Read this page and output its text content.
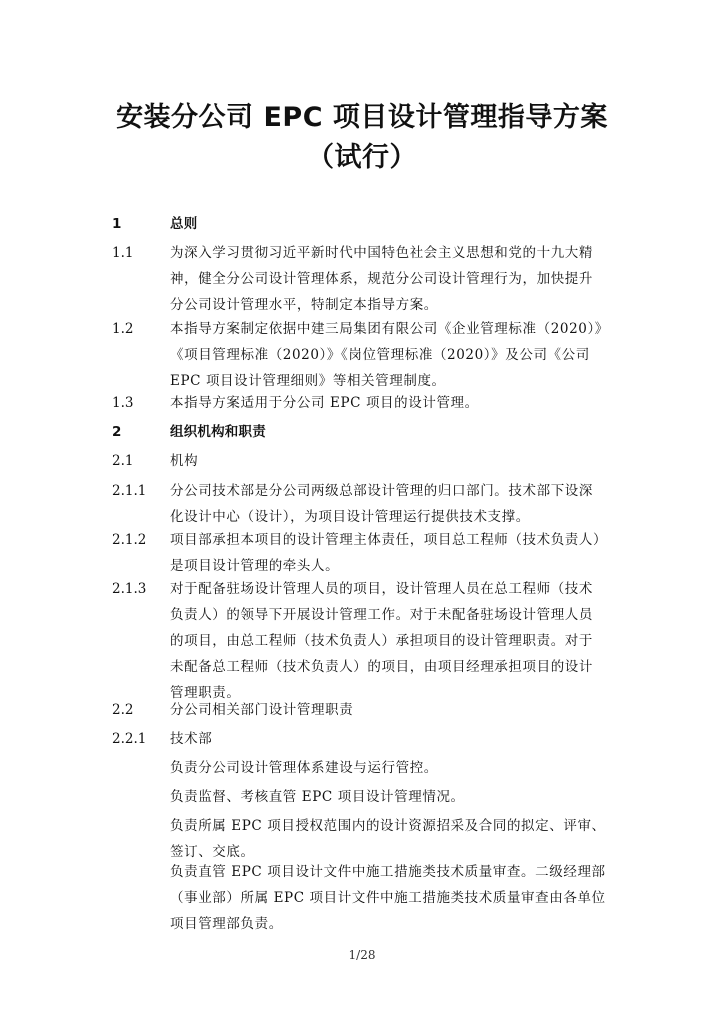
安装分公司 EPC 项目设计管理指导方案
（试行）
1	总则
1.1	为深入学习贯彻习近平新时代中国特色社会主义思想和党的十九大精
神，健全分公司设计管理体系，规范分公司设计管理行为，加快提升
分公司设计管理水平，特制定本指导方案。
1.2	本指导方案制定依据中建三局集团有限公司《企业管理标准（2020）》
《项目管理标准（2020）》《岗位管理标准（2020）》及公司《公司
EPC 项目设计管理细则》等相关管理制度。
1.3	本指导方案适用于分公司 EPC 项目的设计管理。
2	组织机构和职责
2.1	机构
2.1.1 分公司技术部是分公司两级总部设计管理的归口部门。技术部下设深
化设计中心（设计），为项目设计管理运行提供技术支撑。
2.1.2 项目部承担本项目的设计管理主体责任，项目总工程师（技术负责人）
是项目设计管理的牵头人。
2.1.3 对于配备驻场设计管理人员的项目，设计管理人员在总工程师（技术
负责人）的领导下开展设计管理工作。对于未配备驻场设计管理人员
的项目，由总工程师（技术负责人）承担项目的设计管理职责。对于
未配备总工程师（技术负责人）的项目，由项目经理承担项目的设计
管理职责。
2.2	分公司相关部门设计管理职责
2.2.1 技术部
负责分公司设计管理体系建设与运行管控。
负责监督、考核直管 EPC 项目设计管理情况。
负责所属 EPC 项目授权范围内的设计资源招采及合同的拟定、评审、
签订、交底。
负责直管 EPC 项目设计文件中施工措施类技术质量审查。二级经理部
（事业部）所属 EPC 项目计文件中施工措施类技术质量审查由各单位
项目管理部负责。
1/28
